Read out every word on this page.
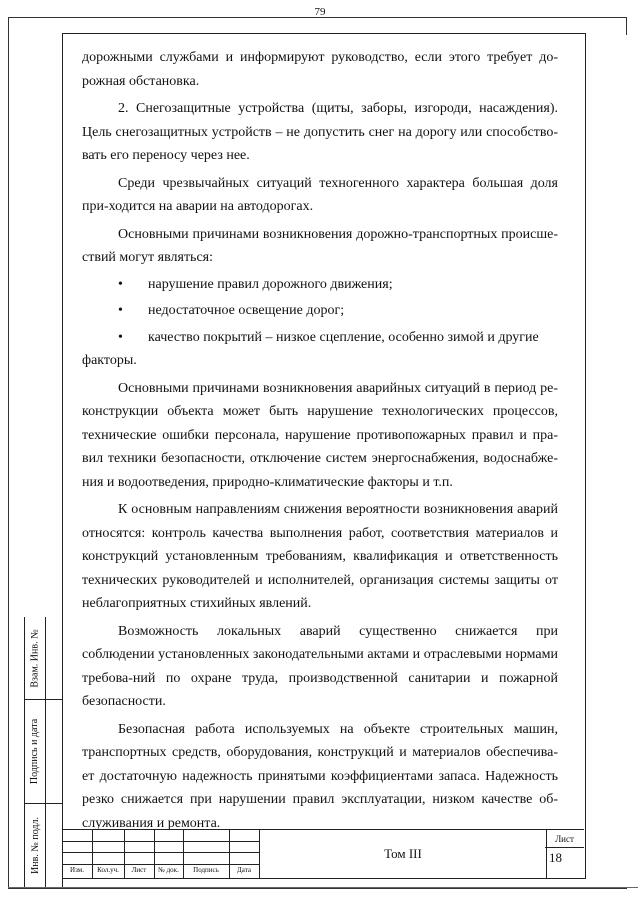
79

дорожными службами и информируют руководство, если этого требует до-рожная обстановка.

2. Снегозащитные устройства (щиты, заборы, изгороди, насаждения). Цель снегозащитных устройств – не допустить снег на дорогу или способство-вать его переносу через нее.

Среди чрезвычайных ситуаций техногенного характера большая доля при-ходится на аварии на автодорогах.

Основными причинами возникновения дорожно-транспортных происше-ствий могут являться:

•	нарушение правил дорожного движения;

•	недостаточное освещение дорог;

•	качество покрытий – низкое сцепление, особенно зимой и другие

факторы.

Основными причинами возникновения аварийных ситуаций в период ре-конструкции объекта может быть нарушение технологических процессов, технические ошибки персонала, нарушение противопожарных правил и пра-вил техники безопасности, отключение систем энергоснабжения, водоснабже-ния и водоотведения, природно-климатические факторы и т.п.

К основным направлениям снижения вероятности возникновения аварий относятся: контроль качества выполнения работ, соответствия материалов и конструкций установленным требованиям, квалификация и ответственность технических руководителей и исполнителей, организация системы защиты от неблагоприятных стихийных явлений.

Возможность локальных аварий существенно снижается при соблюдении установленных законодательными актами и отраслевыми нормами требова-ний по охране труда, производственной санитарии и пожарной безопасности.

Безопасная работа используемых на объекте строительных машин, транспортных средств, оборудования, конструкций и материалов обеспечива-ет достаточную надежность принятыми коэффициентами запаса. Надежность резко снижается при нарушении правил эксплуатации, низком качестве об-служивания и ремонта.

Взам. Инв. №
Подпись и дата
Инв. № подл.	Изм.	Кол.уч.	Лист	№ док.	Подпись	Дата
Том III
Лист
18
